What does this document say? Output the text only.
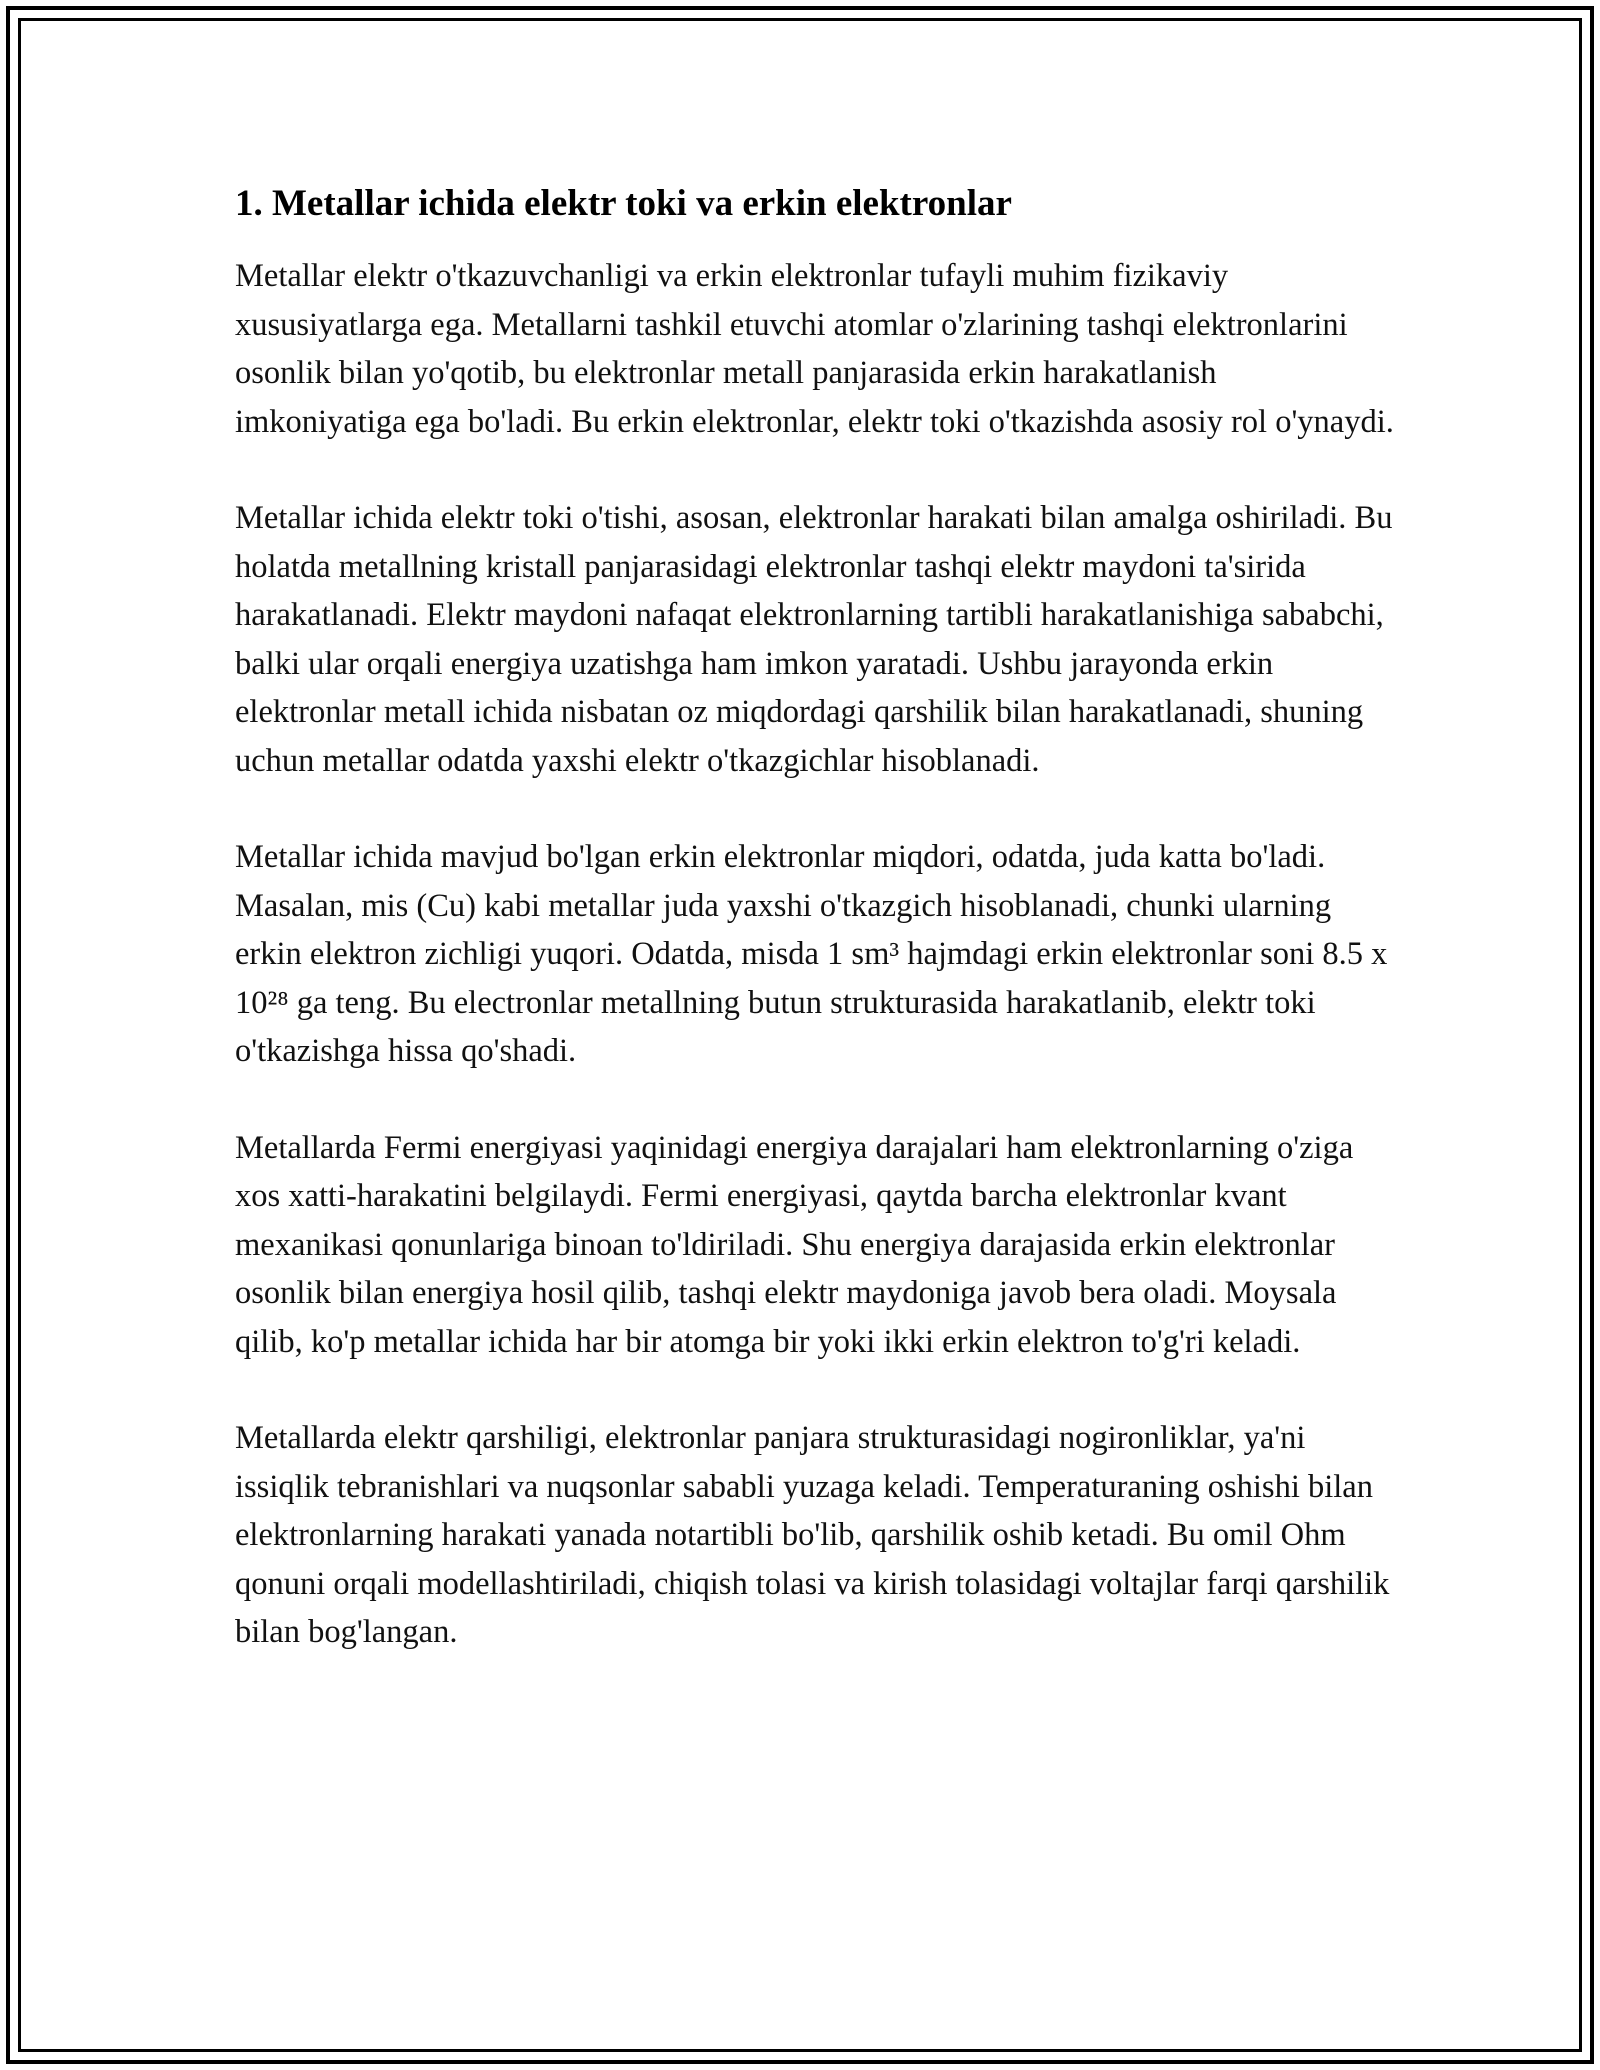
1. Metallar ichida elektr toki va erkin elektronlar

Metallar elektr o'tkazuvchanligi va erkin elektronlar tufayli muhim fizikaviy xususiyatlarga ega. Metallarni tashkil etuvchi atomlar o'zlarining tashqi elektronlarini osonlik bilan yo'qotib, bu elektronlar metall panjarasida erkin harakatlanish imkoniyatiga ega bo'ladi. Bu erkin elektronlar, elektr toki o'tkazishda asosiy rol o'ynaydi.

Metallar ichida elektr toki o'tishi, asosan, elektronlar harakati bilan amalga oshiriladi. Bu holatda metallning kristall panjarasidagi elektronlar tashqi elektr maydoni ta'sirida harakatlanadi. Elektr maydoni nafaqat elektronlarning tartibli harakatlanishiga sababchi, balki ular orqali energiya uzatishga ham imkon yaratadi. Ushbu jarayonda erkin elektronlar metall ichida nisbatan oz miqdordagi qarshilik bilan harakatlanadi, shuning uchun metallar odatda yaxshi elektr o'tkazgichlar hisoblanadi.

Metallar ichida mavjud bo'lgan erkin elektronlar miqdori, odatda, juda katta bo'ladi. Masalan, mis (Cu) kabi metallar juda yaxshi o'tkazgich hisoblanadi, chunki ularning erkin elektron zichligi yuqori. Odatda, misda 1 sm³ hajmdagi erkin elektronlar soni 8.5 x 10²⁸ ga teng. Bu electronlar metallning butun strukturasida harakatlanib, elektr toki o'tkazishga hissa qo'shadi.

Metallarda Fermi energiyasi yaqinidagi energiya darajalari ham elektronlarning o'ziga xos xatti-harakatini belgilaydi. Fermi energiyasi, qaytda barcha elektronlar kvant mexanikasi qonunlariga binoan to'ldiriladi. Shu energiya darajasida erkin elektronlar osonlik bilan energiya hosil qilib, tashqi elektr maydoniga javob bera oladi. Moysala qilib, ko'p metallar ichida har bir atomga bir yoki ikki erkin elektron to'g'ri keladi.

Metallarda elektr qarshiligi, elektronlar panjara strukturasidagi nogironliklar, ya'ni issiqlik tebranishlari va nuqsonlar sababli yuzaga keladi. Temperaturaning oshishi bilan elektronlarning harakati yanada notartibli bo'lib, qarshilik oshib ketadi. Bu omil Ohm qonuni orqali modellashtiriladi, chiqish tolasi va kirish tolasidagi voltajlar farqi qarshilik bilan bog'langan.
